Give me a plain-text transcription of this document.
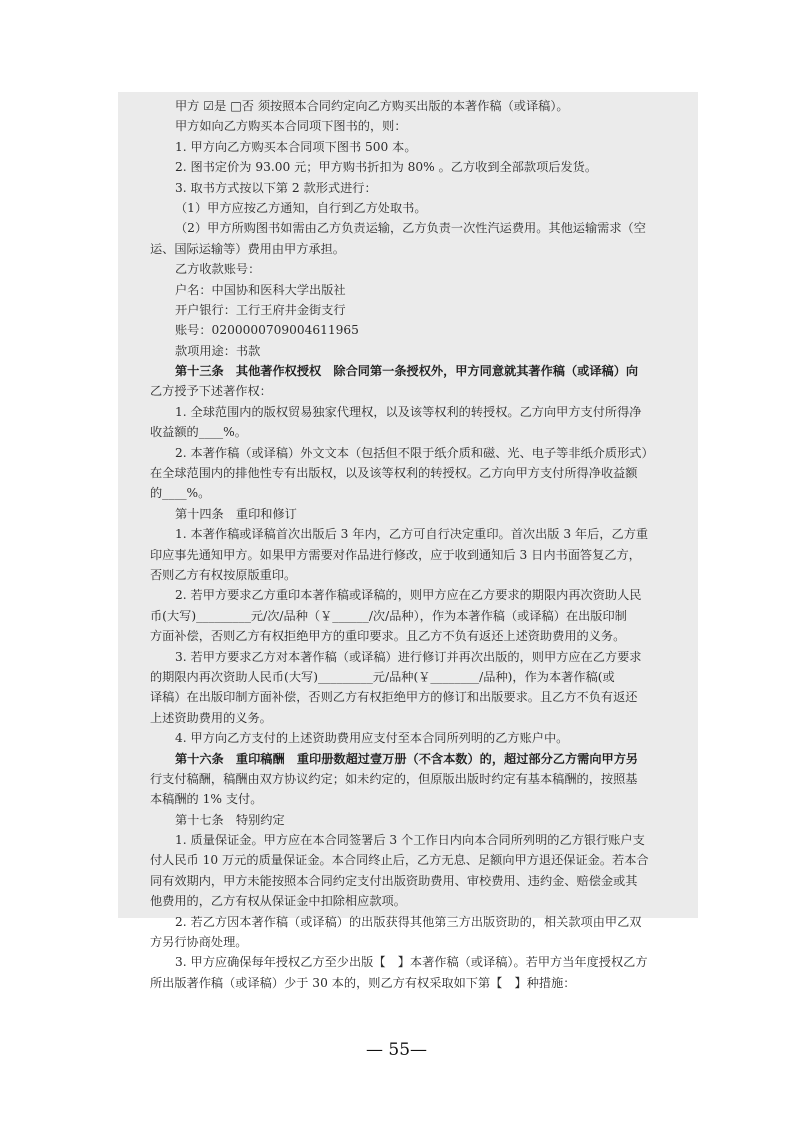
甲方 ☑是 □否 须按照本合同约定向乙方购买出版的本著作稿（或译稿）。
甲方如向乙方购买本合同项下图书的，则：
1. 甲方向乙方购买本合同项下图书 500 本。
2. 图书定价为 93.00 元；甲方购书折扣为 80% 。乙方收到全部款项后发货。
3. 取书方式按以下第 2 款形式进行：
（1）甲方应按乙方通知，自行到乙方处取书。
（2）甲方所购图书如需由乙方负责运输，乙方负责一次性汽运费用。其他运输需求（空
运、国际运输等）费用由甲方承担。
乙方收款账号：
户名：中国协和医科大学出版社
开户银行：工行王府井金街支行
账号：0200000709004611965
款项用途：书款
第十三条　其他著作权授权　除合同第一条授权外，甲方同意就其著作稿（或译稿）向
乙方授予下述著作权：
1. 全球范围内的版权贸易独家代理权，以及该等权利的转授权。乙方向甲方支付所得净
收益额的____%。
2. 本著作稿（或译稿）外文文本（包括但不限于纸介质和磁、光、电子等非纸介质形式）
在全球范围内的排他性专有出版权，以及该等权利的转授权。乙方向甲方支付所得净收益额
的____%。
第十四条　重印和修订
1. 本著作稿或译稿首次出版后 3 年内，乙方可自行决定重印。首次出版 3 年后，乙方重
印应事先通知甲方。如果甲方需要对作品进行修改，应于收到通知后 3 日内书面答复乙方，
否则乙方有权按原版重印。
2. 若甲方要求乙方重印本著作稿或译稿的，则甲方应在乙方要求的期限内再次资助人民
币(大写)_________元/次/品种（￥______/次/品种），作为本著作稿（或译稿）在出版印制
方面补偿，否则乙方有权拒绝甲方的重印要求。且乙方不负有返还上述资助费用的义务。
3. 若甲方要求乙方对本著作稿（或译稿）进行修订并再次出版的，则甲方应在乙方要求
的期限内再次资助人民币(大写)_________元/品种(￥________/品种)，作为本著作稿(或
译稿）在出版印制方面补偿，否则乙方有权拒绝甲方的修订和出版要求。且乙方不负有返还
上述资助费用的义务。
4. 甲方向乙方支付的上述资助费用应支付至本合同所列明的乙方账户中。
第十六条　重印稿酬　重印册数超过壹万册（不含本数）的，超过部分乙方需向甲方另
行支付稿酬，稿酬由双方协议约定；如未约定的，但原版出版时约定有基本稿酬的，按照基
本稿酬的 1% 支付。
第十七条　特别约定
1. 质量保证金。甲方应在本合同签署后 3 个工作日内向本合同所列明的乙方银行账户支
付人民币 10 万元的质量保证金。本合同终止后，乙方无息、足额向甲方退还保证金。若本合
同有效期内，甲方未能按照本合同约定支付出版资助费用、审校费用、违约金、赔偿金或其
他费用的，乙方有权从保证金中扣除相应款项。
2. 若乙方因本著作稿（或译稿）的出版获得其他第三方出版资助的，相关款项由甲乙双
方另行协商处理。
3. 甲方应确保每年授权乙方至少出版【　】本著作稿（或译稿）。若甲方当年度授权乙方
所出版著作稿（或译稿）少于 30 本的，则乙方有权采取如下第【　】种措施：
— 55—
